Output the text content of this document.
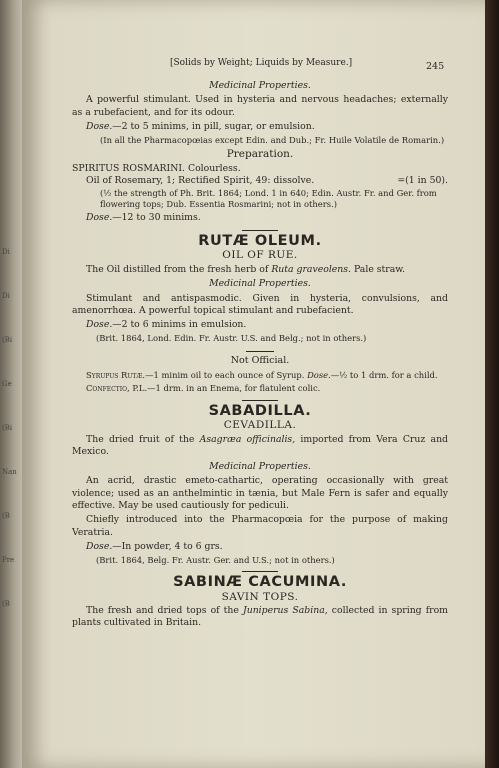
Di
Di
(Bi
Ge
(Bi
Nan
(B
Pre
(B
[Solids by Weight; Liquids by Measure.]	245
Medicinal Properties.

A powerful stimulant. Used in hysteria and nervous headaches; externally as a rubefacient, and for its odour.

Dose.—2 to 5 minims, in pill, sugar, or emulsion.
(In all the Pharmacopœias except Edin. and Dub.; Fr. Huile Volatile de Romarin.)
Preparation.
SPIRITUS ROSMARINI. Colourless.
Oil of Rosemary, 1; Rectified Spirit, 49: dissolve.	=(1 in 50).
(½ the strength of Ph. Brit. 1864; Lond. 1 in 640; Edin. Austr. Fr. and Ger. from flowering tops; Dub. Essentia Rosmarini; not in others.)
Dose.—12 to 30 minims.
RUTÆ OLEUM.
OIL OF RUE.

The Oil distilled from the fresh herb of Ruta graveolens. Pale straw.

Medicinal Properties.

Stimulant and antispasmodic. Given in hysteria, convulsions, and amenorrhœa. A powerful topical stimulant and rubefacient.

Dose.—2 to 6 minims in emulsion.
(Brit. 1864, Lond. Edin. Fr. Austr. U.S. and Belg.; not in others.)
Not Official.

Syrupus Rutæ.—1 minim oil to each ounce of Syrup. Dose.—½ to 1 drm. for a child.

Confectio, P.L.—1 drm. in an Enema, for flatulent colic.

SABADILLA.
CEVADILLA.

The dried fruit of the Asagræa officinalis, imported from Vera Cruz and Mexico.

Medicinal Properties.

An acrid, drastic emeto-cathartic, operating occasionally with great violence; used as an anthelmintic in tænia, but Male Fern is safer and equally effective. May be used cautiously for pediculi.

Chiefly introduced into the Pharmacopœia for the purpose of making Veratria.

Dose.—In powder, 4 to 6 grs.
(Brit. 1864, Belg. Fr. Austr. Ger. and U.S.; not in others.)
SABINÆ CACUMINA.
SAVIN TOPS.

The fresh and dried tops of the Juniperus Sabina, collected in spring from plants cultivated in Britain.
